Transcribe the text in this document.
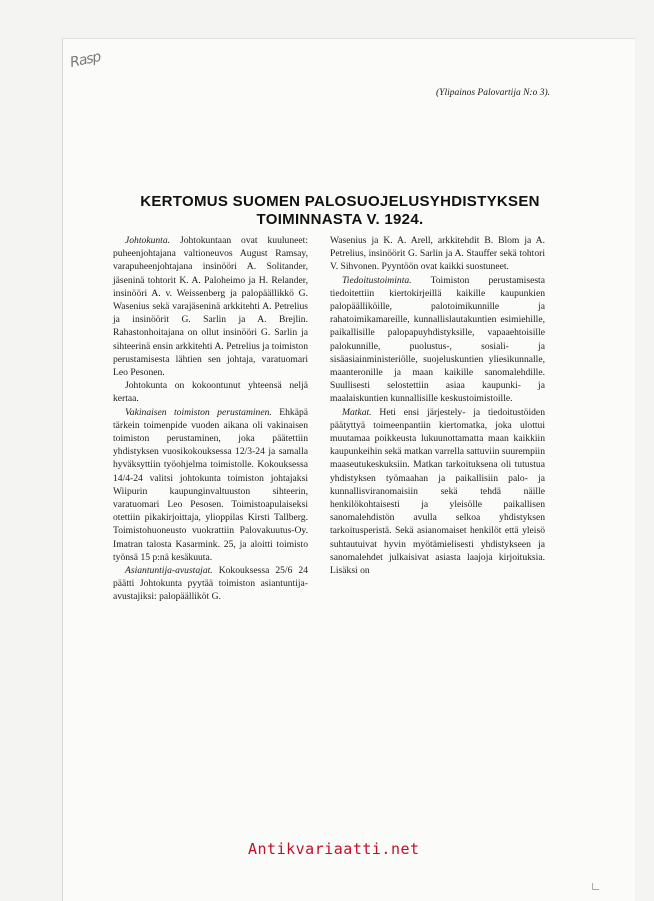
Rasp
(Ylipainos Palovartija N:o 3).
KERTOMUS SUOMEN PALOSUOJELUSYHDISTYKSEN
TOIMINNASTA V. 1924.

Johtokunta. Johtokuntaan ovat kuuluneet: puheenjohtajana valtioneuvos August Ramsay, varapuheenjohtajana insinööri A. Solitander, jäseninä tohtorit K. A. Paloheimo ja H. Relander, insinööri A. v. Weissenberg ja palopäällikkö G. Wasenius sekä varajäseninä arkkitehti A. Petrelius ja insinöörit G. Sarlin ja A. Brejlin. Rahastonhoitajana on ollut insinööri G. Sarlin ja sihteerinä ensin arkkitehti A. Petrelius ja toimiston perustamisesta lähtien sen johtaja, varatuomari Leo Pesonen.

Johtokunta on kokoontunut yhteensä neljä kertaa.

Vakinaisen toimiston perustaminen. Ehkäpä tärkein toimenpide vuoden aikana oli vakinaisen toimiston perustaminen, joka päätettiin yhdistyksen vuosikokouksessa 12/3-24 ja samalla hyväksyttiin työohjelma toimistolle. Kokouksessa 14/4-24 valitsi johtokunta toimiston johtajaksi Wiipurin kaupunginvaltuuston sihteerin, varatuomari Leo Pesosen. Toimistoapulaiseksi otettiin pikakirjoittaja, ylioppilas Kirsti Tallberg. Toimistohuoneusto vuokrattiin Palovakuutus-Oy. Imatran talosta Kasarmink. 25, ja aloitti toimisto työnsä 15 p:nä kesäkuuta.

Asiantuntija-avustajat. Kokouksessa 25/6 24 päätti Johtokunta pyytää toimiston asiantuntija-avustajiksi: palopäälliköt G.

Wasenius ja K. A. Arell, arkkitehdit B. Blom ja A. Petrelius, insinöörit G. Sarlin ja A. Stauffer sekä tohtori V. Sihvonen. Pyyntöön ovat kaikki suostuneet.

Tiedoitustoiminta. Toimiston perustamisesta tiedoitettiin kiertokirjeillä kaikille kaupunkien palopäälliköille, palotoimikunnille ja rahatoimikamareille, kunnallislautakuntien esimiehille, paikallisille palopapuyhdistyksille, vapaaehtoisille palokunnille, puolustus-, sosiali- ja sisäasiainministeriölle, suojeluskuntien yliesikunnalle, maanteronille ja maan kaikille sanomalehdille. Suullisesti selostettiin asiaa kaupunki- ja maalaiskuntien kunnallisille keskustoimistoille.

Matkat. Heti ensi järjestely- ja tiedoitustöiden päätyttyä toimeenpantiin kiertomatka, joka ulottui muutamaa poikkeusta lukuunottamatta maan kaikkiin kaupunkeihin sekä matkan varrella sattuviin suurempiin maaseutukeskuksiin. Matkan tarkoituksena oli tutustua yhdistyksen työmaahan ja paikallisiin palo- ja kunnallisviranomaisiin sekä tehdä näille henkilökohtaisesti ja yleisölle paikallisen sanomalehdistön avulla selkoa yhdistyksen tarkoitusperistä. Sekä asianomaiset henkilöt että yleisö suhtautuivat hyvin myötämielisesti yhdistykseen ja sanomalehdet julkaisivat asiasta laajoja kirjoituksia. Lisäksi on

Antikvariaatti.net
